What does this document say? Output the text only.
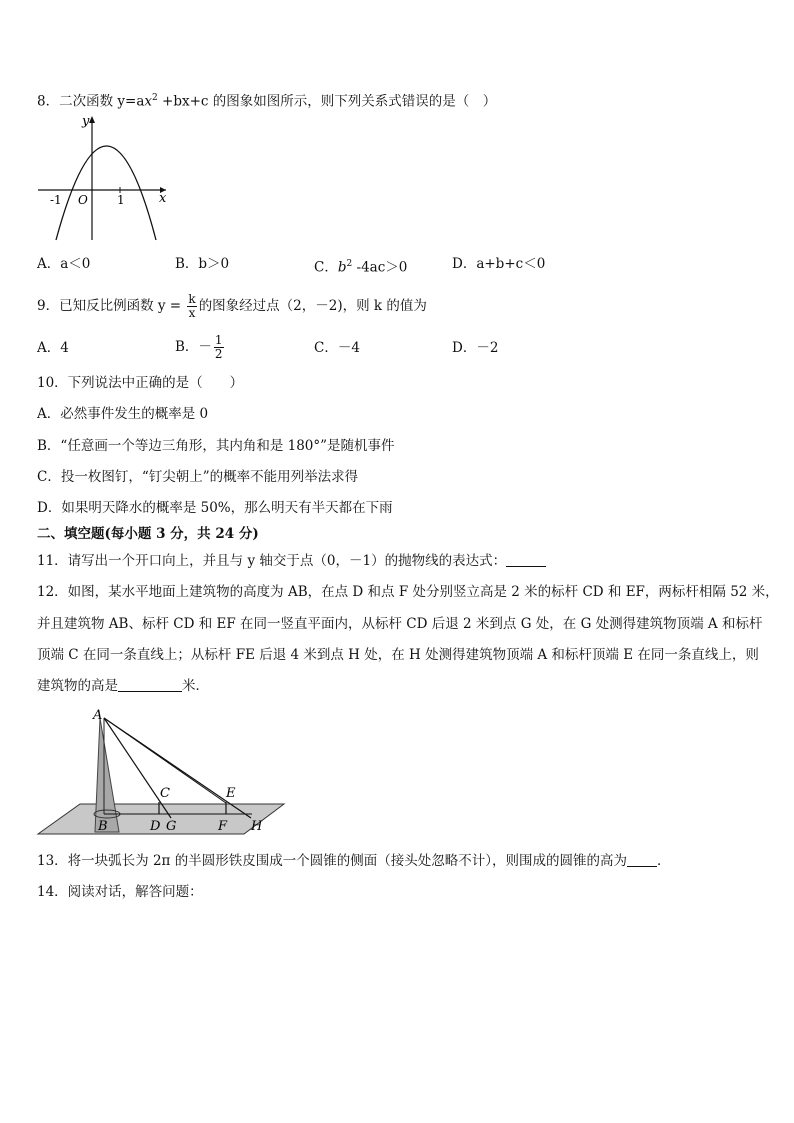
8．二次函数 $y=ax^2 +bx+c$ 的图象如图所示，则下列关系式错误的是（　）
y
x
O
-1	1
A．a＜0	B．b＞0	C．$b^2$ -4ac＞0	D．a+b+c＜0
9．已知反比例函数 $y = \frac{k}{x}$ 的图象经过点（2，－2)，则 k 的值为
A．4	B．－ $\frac{1}{2}$	C．－4	D．－2
10．下列说法中正确的是（　　）
A．必然事件发生的概率是 0
B．“任意画一个等边三角形，其内角和是 180°”是随机事件
C．投一枚图钉，“钉尖朝上”的概率不能用列举法求得
D．如果明天降水的概率是 50%，那么明天有半天都在下雨
二、填空题(每小题 3 分，共 24 分)
11．请写出一个开口向上，并且与 y 轴交于点（0，－1）的抛物线的表达式：
12．如图，某水平地面上建筑物的高度为 AB，在点 D 和点 F 处分别竖立高是 2 米的标杆 CD 和 EF，两标杆相隔 52 米，
并且建筑物 AB、标杆 CD 和 EF 在同一竖直平面内，从标杆 CD 后退 2 米到点 G 处，在 G 处测得建筑物顶端 A 和标杆
顶端 C 在同一条直线上；从标杆 FE 后退 4 米到点 H 处，在 H 处测得建筑物顶端 A 和标杆顶端 E 在同一条直线上，则
建筑物的高是	米．
A
B
C
D G
E
F H
13．将一块弧长为 2π 的半圆形铁皮围成一个圆锥的侧面（接头处忽略不计），则围成的圆锥的高为 ．
14．阅读对话，解答问题：
